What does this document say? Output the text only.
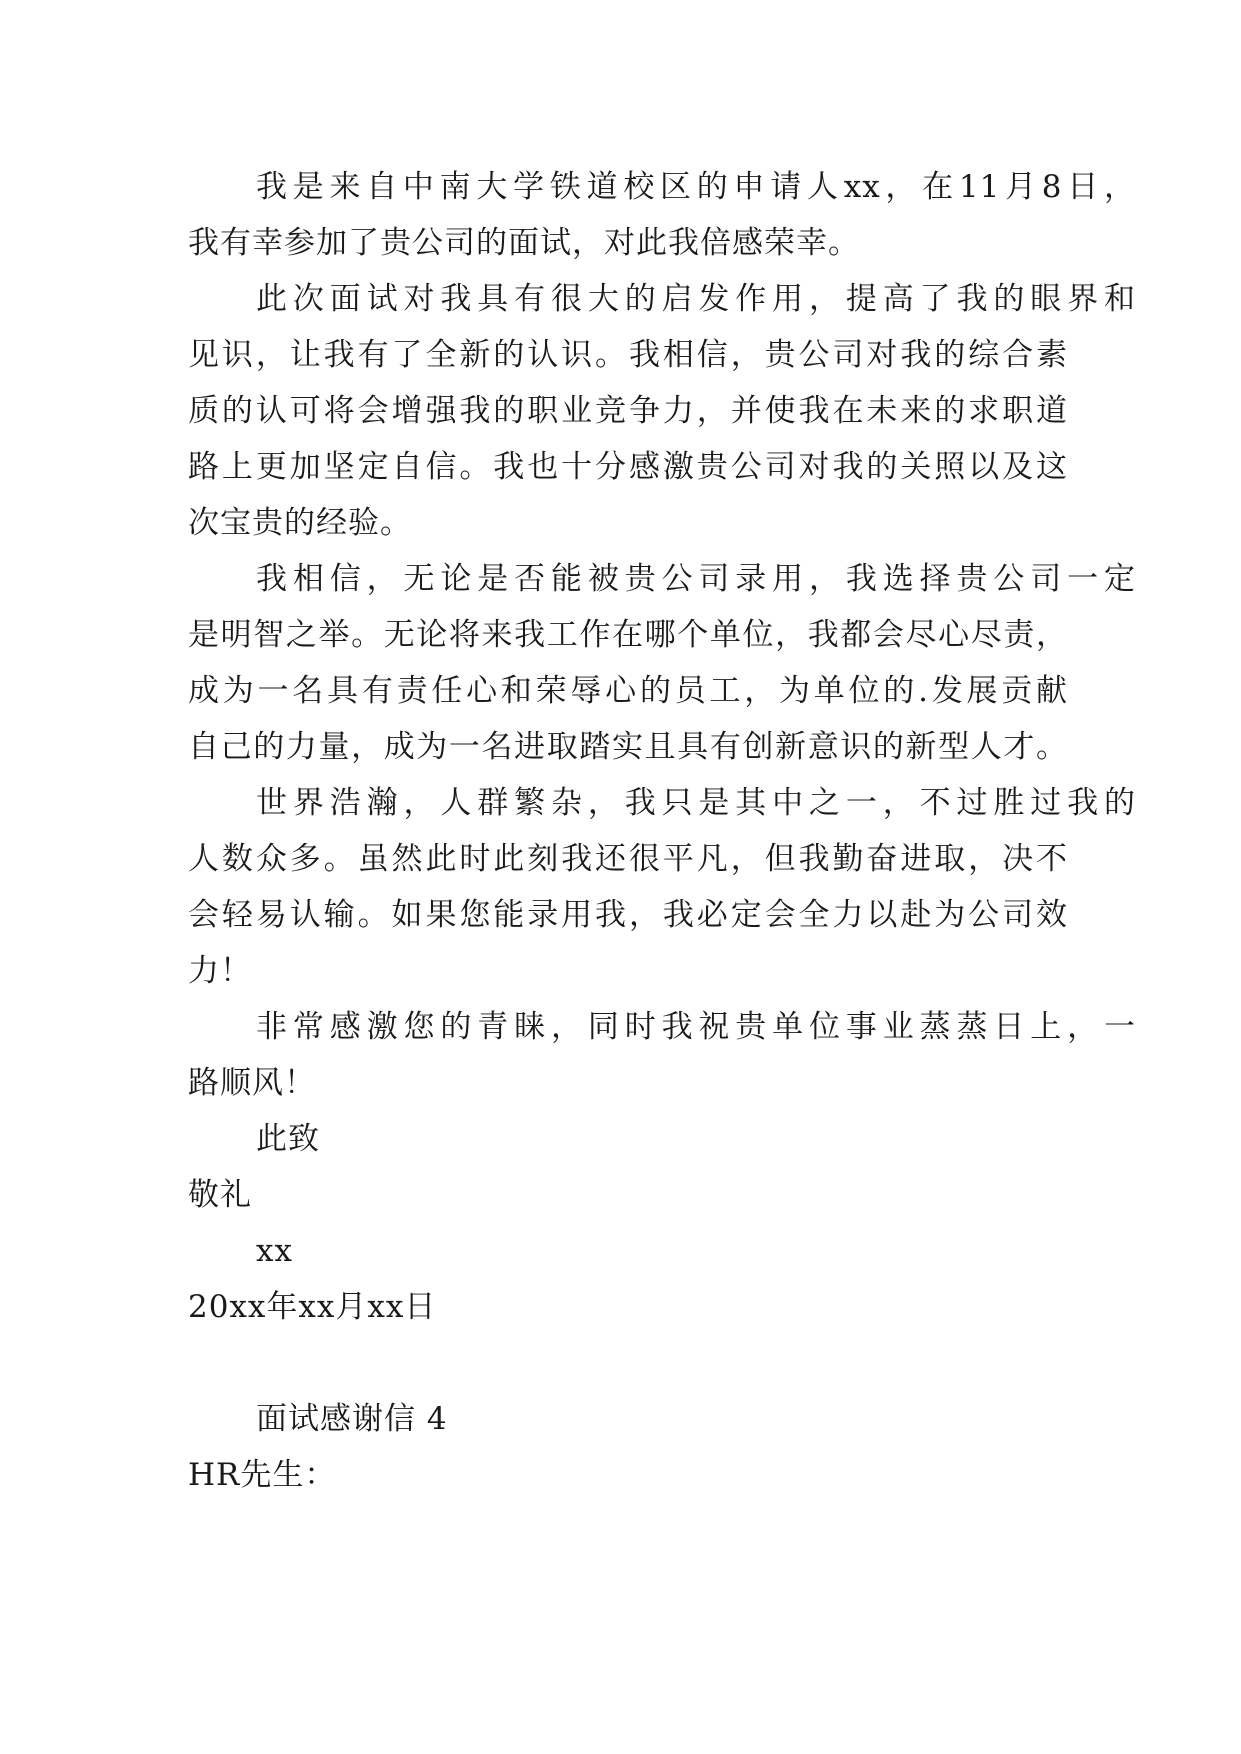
我是来自中南大学铁道校区的申请人xx，在11月8日，
我有幸参加了贵公司的面试，对此我倍感荣幸。
此次面试对我具有很大的启发作用，提高了我的眼界和
见识，让我有了全新的认识。我相信，贵公司对我的综合素
质的认可将会增强我的职业竞争力，并使我在未来的求职道
路上更加坚定自信。我也十分感激贵公司对我的关照以及这
次宝贵的经验。
我相信，无论是否能被贵公司录用，我选择贵公司一定
是明智之举。无论将来我工作在哪个单位，我都会尽心尽责，
成为一名具有责任心和荣辱心的员工，为单位的.发展贡献
自己的力量，成为一名进取踏实且具有创新意识的新型人才。
世界浩瀚，人群繁杂，我只是其中之一，不过胜过我的
人数众多。虽然此时此刻我还很平凡，但我勤奋进取，决不
会轻易认输。如果您能录用我，我必定会全力以赴为公司效
力！
非常感激您的青睐，同时我祝贵单位事业蒸蒸日上，一
路顺风！
此致
敬礼
xx
20xx年xx月xx日
面试感谢信 4
HR先生：
